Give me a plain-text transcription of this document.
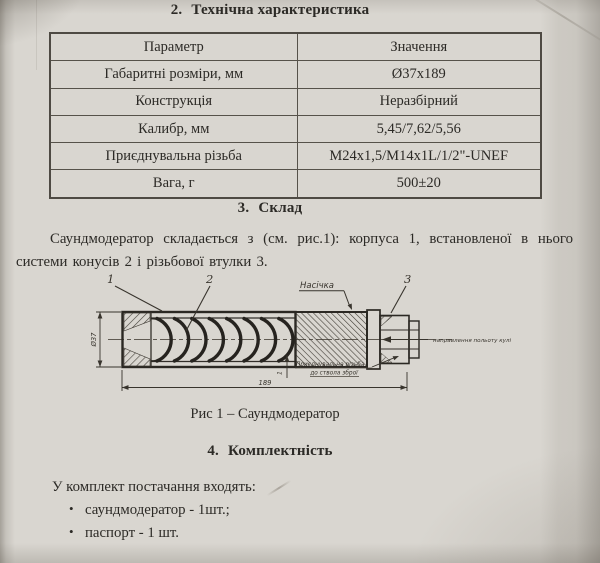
2. Технічна характеристика
Параметр	Значення
Габаритні розміри, мм	Ø37x189
Конструкція	Неразбірний
Калибр, мм	5,45/7,62/5,56
Приєднувальна різьба	M24x1,5/M14x1L/1/2"-UNEF
Вага, г	500±20
3. Склад
Саундмодератор складається з (см. рис.1): корпуса 1, встановленої в нього системи конусів 2 і різьбової втулки 3.
направлення польоту кулі
1	2	3
Насічка
Ø37
189
1
Приєднувальна різьба
до ствола зброї
Рис 1 – Саундмодератор
4. Комплектність
У комплект постачання входять:
• саундмодератор - 1шт.;
• паспорт - 1 шт.
